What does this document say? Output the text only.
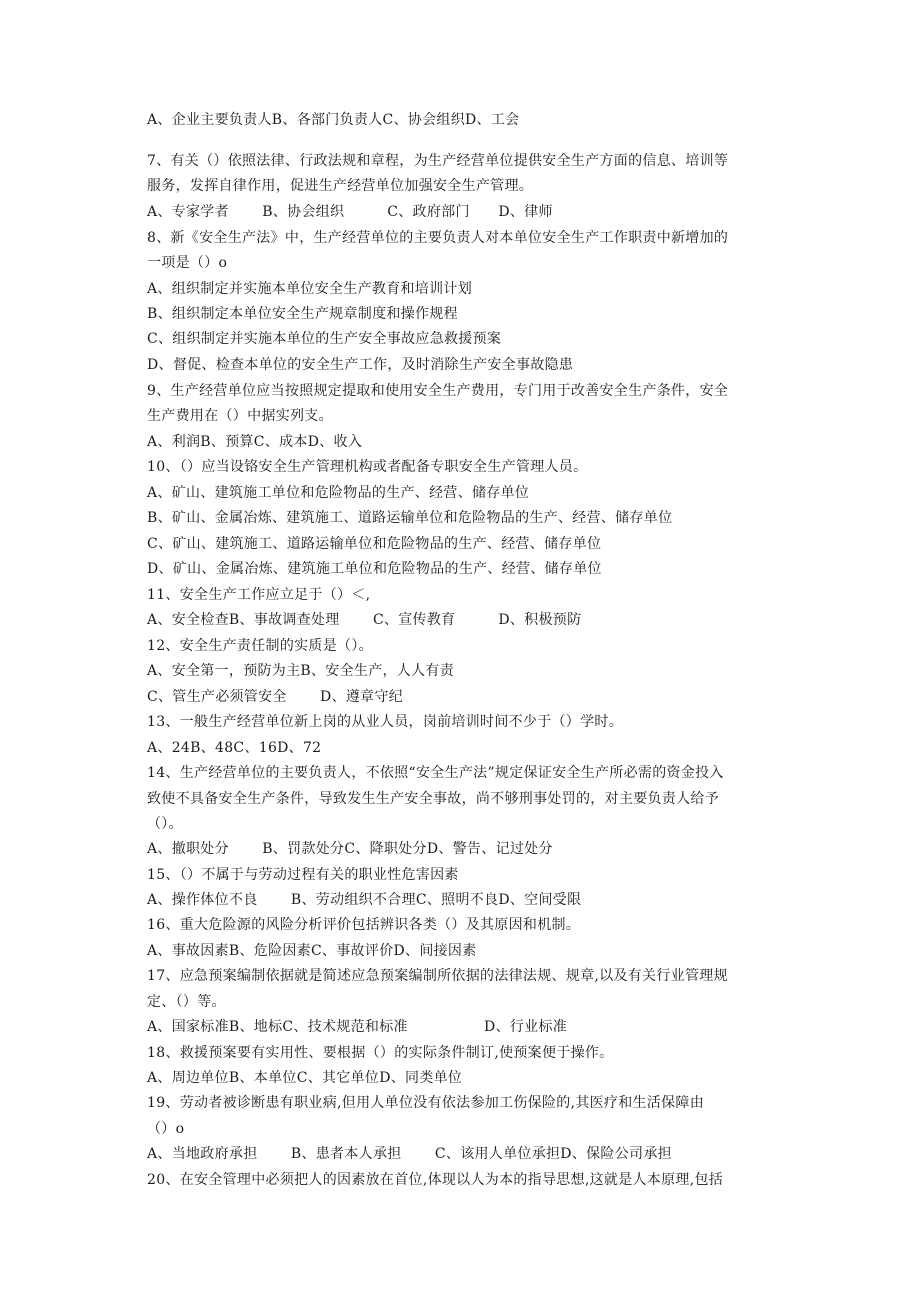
A、企业主要负责人B、各部门负责人C、协会组织D、工会
7、有关（）依照法律、行政法规和章程，为生产经营单位提供安全生产方面的信息、培训等
服务，发挥自律作用，促进生产经营单位加强安全生产管理。
A、专家学者　　 B、协会组织　　　C、政府部门　　D、律师
8、新《安全生产法》中，生产经营单位的主要负责人对本单位安全生产工作职责中新增加的
一项是（）o
A、组织制定并实施本单位安全生产教育和培训计划
B、组织制定本单位安全生产规章制度和操作规程
C、组织制定并实施本单位的生产安全事故应急救援预案
D、督促、检查本单位的安全生产工作，及时消除生产安全事故隐患
9、生产经营单位应当按照规定提取和使用安全生产费用，专门用于改善安全生产条件，安全
生产费用在（）中据实列支。
A、利润B、预算C、成本D、收入
10、（）应当设铬安全生产管理机构或者配备专职安全生产管理人员。
A、矿山、建筑施工单位和危险物品的生产、经营、储存单位
B、矿山、金属冶炼、建筑施工、道路运输单位和危险物品的生产、经营、储存单位
C、矿山、建筑施工、道路运输单位和危险物品的生产、经营、储存单位
D、矿山、金属冶炼、建筑施工单位和危险物品的生产、经营、储存单位
11、安全生产工作应立足于（）＜,
A、安全检查B、事故调查处理　　 C、宣传教育　　　D、积极预防
12、安全生产责任制的实质是（）。
A、安全第一，预防为主B、安全生产，人人有责
C、管生产必须管安全　　 D、遵章守纪
13、一般生产经营单位新上岗的从业人员，岗前培训时间不少于（）学时。
A、24B、48C、16D、72
14、生产经营单位的主要负责人，不依照“安全生产法”规定保证安全生产所必需的资金投入
致使不具备安全生产条件，导致发生生产安全事故，尚不够刑事处罚的，对主要负责人给予
（）。
A、撤职处分　　 B、罚款处分C、降职处分D、警告、记过处分
15、（）不属于与劳动过程有关的职业性危害因素
A、操作体位不良　　 B、劳动组织不合理C、照明不良D、空间受限
16、重大危险源的风险分析评价包括辨识各类（）及其原因和机制。
A、事故因素B、危险因素C、事故评价D、间接因素
17、应急预案编制依据就是简述应急预案编制所依据的法律法规、规章,以及有关行业管理规
定、（）等。
A、国家标准B、地标C、技术规范和标准　　　　　 D、行业标准
18、救援预案要有实用性、要根据（）的实际条件制订,使预案便于操作。
A、周边单位B、本单位C、其它单位D、同类单位
19、劳动者被诊断患有职业病,但用人单位没有依法参加工伤保险的,其医疗和生活保障由
（）o
A、当地政府承担　　 B、患者本人承担　　 C、该用人单位承担D、保险公司承担
20、在安全管理中必须把人的因素放在首位,体现以人为本的指导思想,这就是人本原理,包括
